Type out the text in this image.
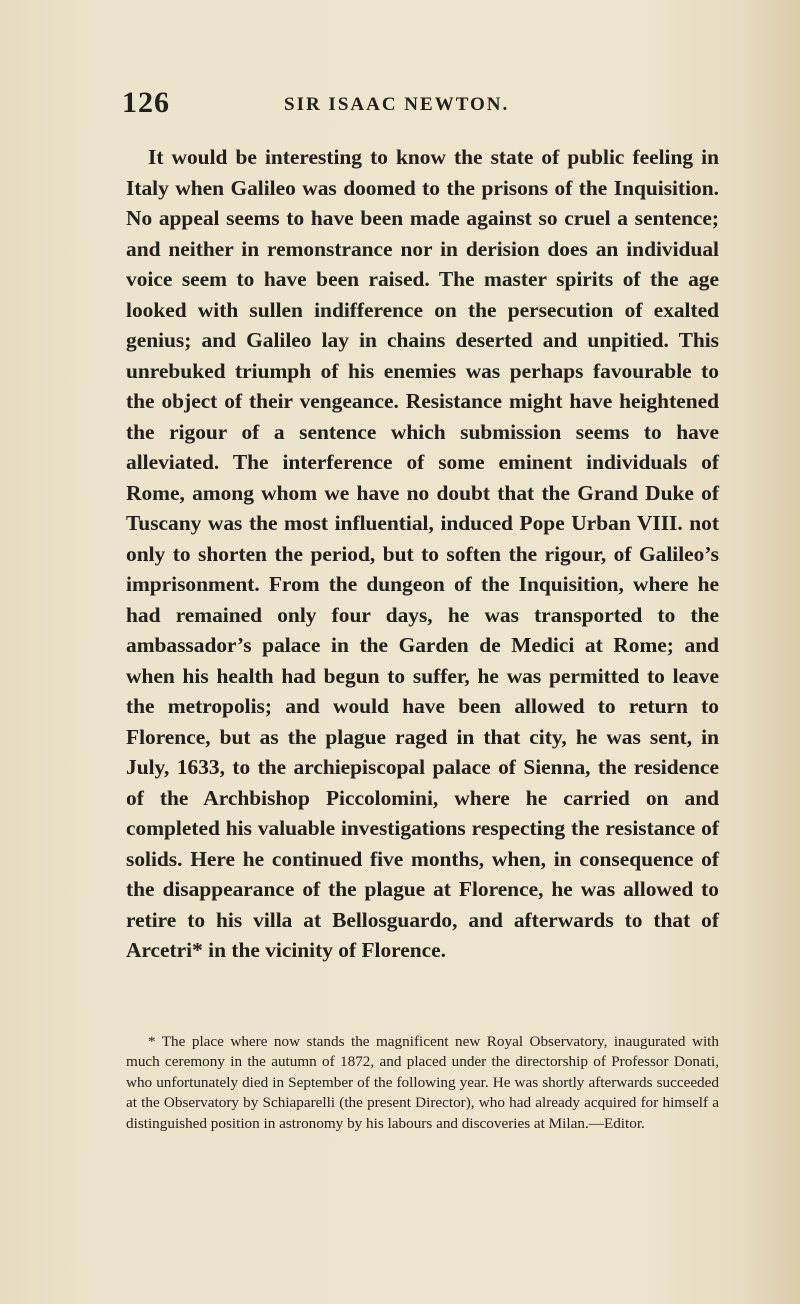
126	SIR ISAAC NEWTON.

It would be interesting to know the state of public feeling in Italy when Galileo was doomed to the prisons of the Inquisition. No appeal seems to have been made against so cruel a sentence; and neither in remonstrance nor in derision does an individual voice seem to have been raised. The master spirits of the age looked with sullen indifference on the persecution of exalted genius; and Galileo lay in chains deserted and unpitied. This unrebuked triumph of his enemies was perhaps favourable to the object of their vengeance. Resistance might have heightened the rigour of a sentence which submission seems to have alleviated. The interference of some eminent individuals of Rome, among whom we have no doubt that the Grand Duke of Tuscany was the most influential, induced Pope Urban VIII. not only to shorten the period, but to soften the rigour, of Galileo’s imprisonment. From the dungeon of the Inquisition, where he had remained only four days, he was transported to the ambassador’s palace in the Garden de Medici at Rome; and when his health had begun to suffer, he was permitted to leave the metropolis; and would have been allowed to return to Florence, but as the plague raged in that city, he was sent, in July, 1633, to the archiepiscopal palace of Sienna, the residence of the Archbishop Piccolomini, where he carried on and completed his valuable investigations respecting the resistance of solids. Here he continued five months, when, in consequence of the disappearance of the plague at Florence, he was allowed to retire to his villa at Bellosguardo, and afterwards to that of Arcetri* in the vicinity of Florence.

* The place where now stands the magnificent new Royal Observatory, inaugurated with much ceremony in the autumn of 1872, and placed under the directorship of Professor Donati, who unfortunately died in September of the following year. He was shortly afterwards succeeded at the Observatory by Schiaparelli (the present Director), who had already acquired for himself a distinguished position in astronomy by his labours and discoveries at Milan.—Editor.
